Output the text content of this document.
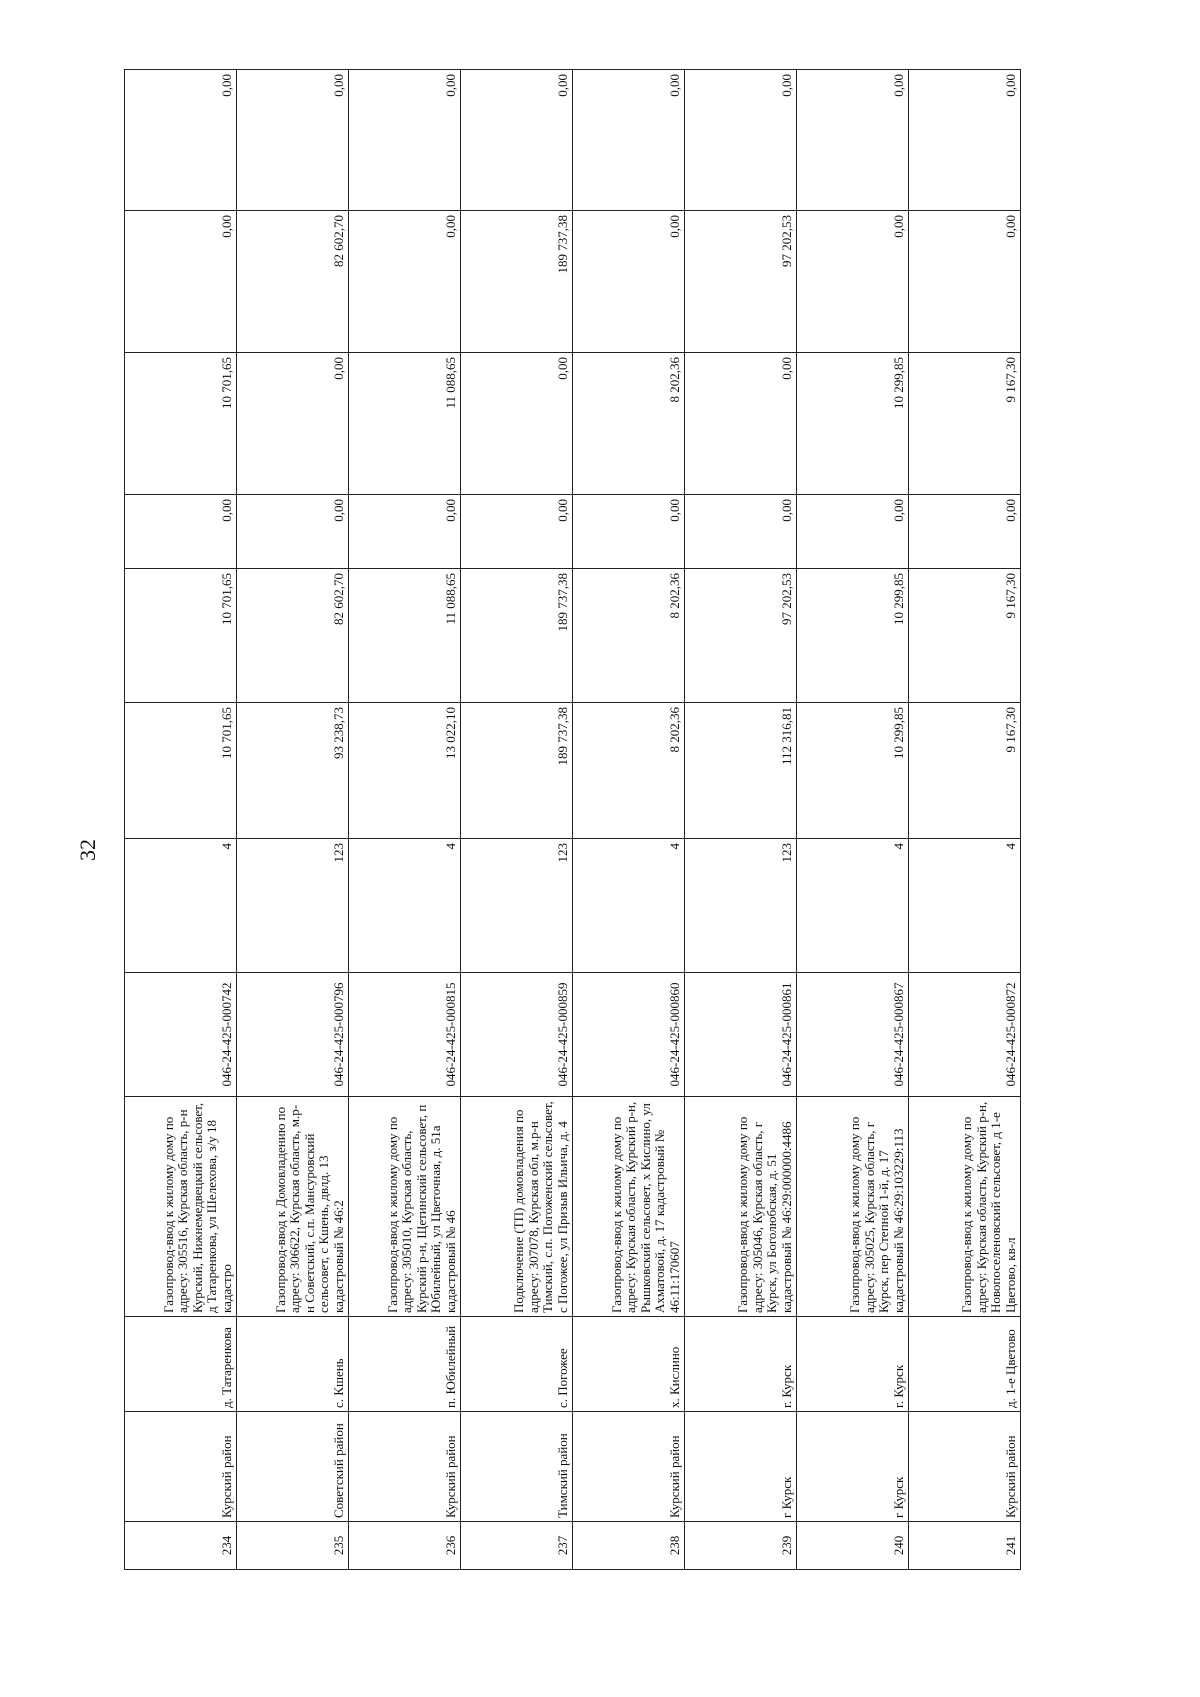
32
234	Курский район	д. Татаренкова	Газопровод-ввод к жилому дому по адресу: 305516, Курская область, р-н Курский, Нижнемедвецкий сельсовет, д Татаренкова, ул Шелехова, з/у 18 кадастро	046-24-425-000742	4	10 701,65	10 701,65	0,00	10 701,65	0,00	0,00
235	Советский район	с. Кшень	Газопровод-ввод к Домовладению по адресу: 306622, Курская область, м.р-н Советский, с.п. Мансуровский сельсовет, с Кшень, двлд. 13 кадастровый № 46:2	046-24-425-000796	123	93 238,73	82 602,70	0,00	0,00	82 602,70	0,00
236	Курский район	п. Юбилейный	Газопровод-ввод к жилому дому по адресу: 305010, Курская область, Курский р-н, Щетинский сельсовет, п Юбилейный, ул Цветочная, д. 51а кадастровый № 46	046-24-425-000815	4	13 022,10	11 088,65	0,00	11 088,65	0,00	0,00
237	Тимский район	с. Погожее	Подключение (ТП) домовладения по адресу: 307078, Курская обл, м.р-н Тимский, с.п. Погоженский сельсовет, с Погожее, ул Призыв Ильича, д. 4	046-24-425-000859	123	189 737,38	189 737,38	0,00	0,00	189 737,38	0,00
238	Курский район	х. Кислино	Газопровод-ввод к жилому дому по адресу: Курская область, Курский р-н, Рышковский сельсовет, х Кислино, ул Ахматовой, д. 17 кадастровый № 46:11:170607	046-24-425-000860	4	8 202,36	8 202,36	0,00	8 202,36	0,00	0,00
239	г Курск	г. Курск	Газопровод-ввод к жилому дому по адресу: 305046, Курская область, г Курск, ул Боголюбская, д. 51 кадастровый № 46:29:000000:4486	046-24-425-000861	123	112 316,81	97 202,53	0,00	0,00	97 202,53	0,00
240	г Курск	г. Курск	Газопровод-ввод к жилому дому по адресу: 305025, Курская область, г Курск, пер Степной 1-й, д. 17 кадастровый № 46:29:103229:113	046-24-425-000867	4	10 299,85	10 299,85	0,00	10 299,85	0,00	0,00
241	Курский район	д. 1-е Цветово	Газопровод-ввод к жилому дому по адресу: Курская область, Курский р-н, Новопоселеновский сельсовет, д 1-е Цветово, кв-л	046-24-425-000872	4	9 167,30	9 167,30	0,00	9 167,30	0,00	0,00
